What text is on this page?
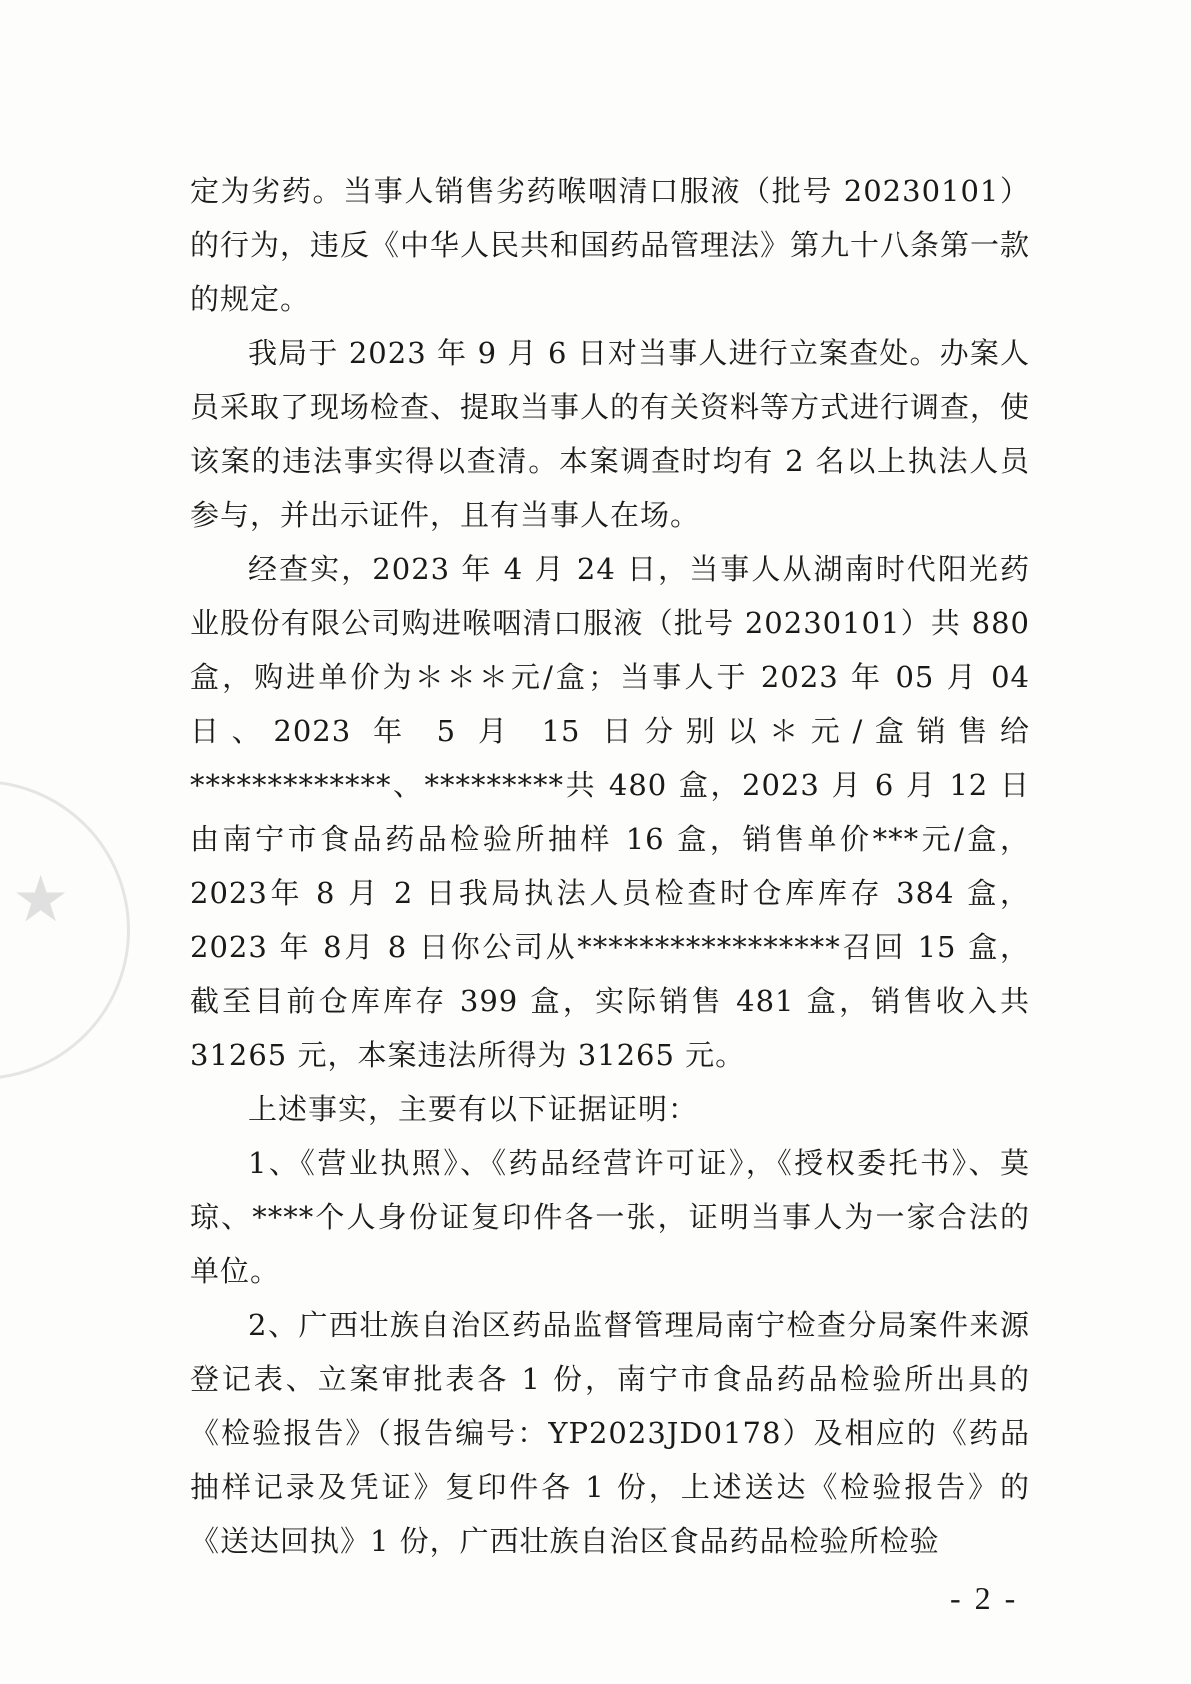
★

定为劣药。当事人销售劣药喉咽清口服液（批号 20230101）的行为，违反《中华人民共和国药品管理法》第九十八条第一款的规定。

我局于 2023 年 9 月 6 日对当事人进行立案查处。办案人员采取了现场检查、提取当事人的有关资料等方式进行调查，使该案的违法事实得以查清。本案调查时均有 2 名以上执法人员参与，并出示证件，且有当事人在场。

经查实，2023 年 4 月 24 日，当事人从湖南时代阳光药业股份有限公司购进喉咽清口服液（批号 20230101）共 880 盒，购进单价为＊＊＊元/盒；当事人于 2023 年 05 月 04 日、2023 年 5 月 15 日分别以＊元/盒销售给*************、*********共 480 盒，2023 月 6 月 12 日由南宁市食品药品检验所抽样 16 盒，销售单价***元/盒，2023年 8 月 2 日我局执法人员检查时仓库库存 384 盒，2023 年 8月 8 日你公司从*****************召回 15 盒，截至目前仓库库存 399 盒，实际销售 481 盒，销售收入共 31265 元，本案违法所得为 31265 元。

上述事实，主要有以下证据证明：

1、《营业执照》、《药品经营许可证》，《授权委托书》、莫琼、****个人身份证复印件各一张，证明当事人为一家合法的单位。

2、广西壮族自治区药品监督管理局南宁检查分局案件来源登记表、立案审批表各 1 份，南宁市食品药品检验所出具的《检验报告》（报告编号：YP2023JD0178）及相应的《药品抽样记录及凭证》复印件各 1 份，上述送达《检验报告》的《送达回执》1 份，广西壮族自治区食品药品检验所检验

- 2 -
